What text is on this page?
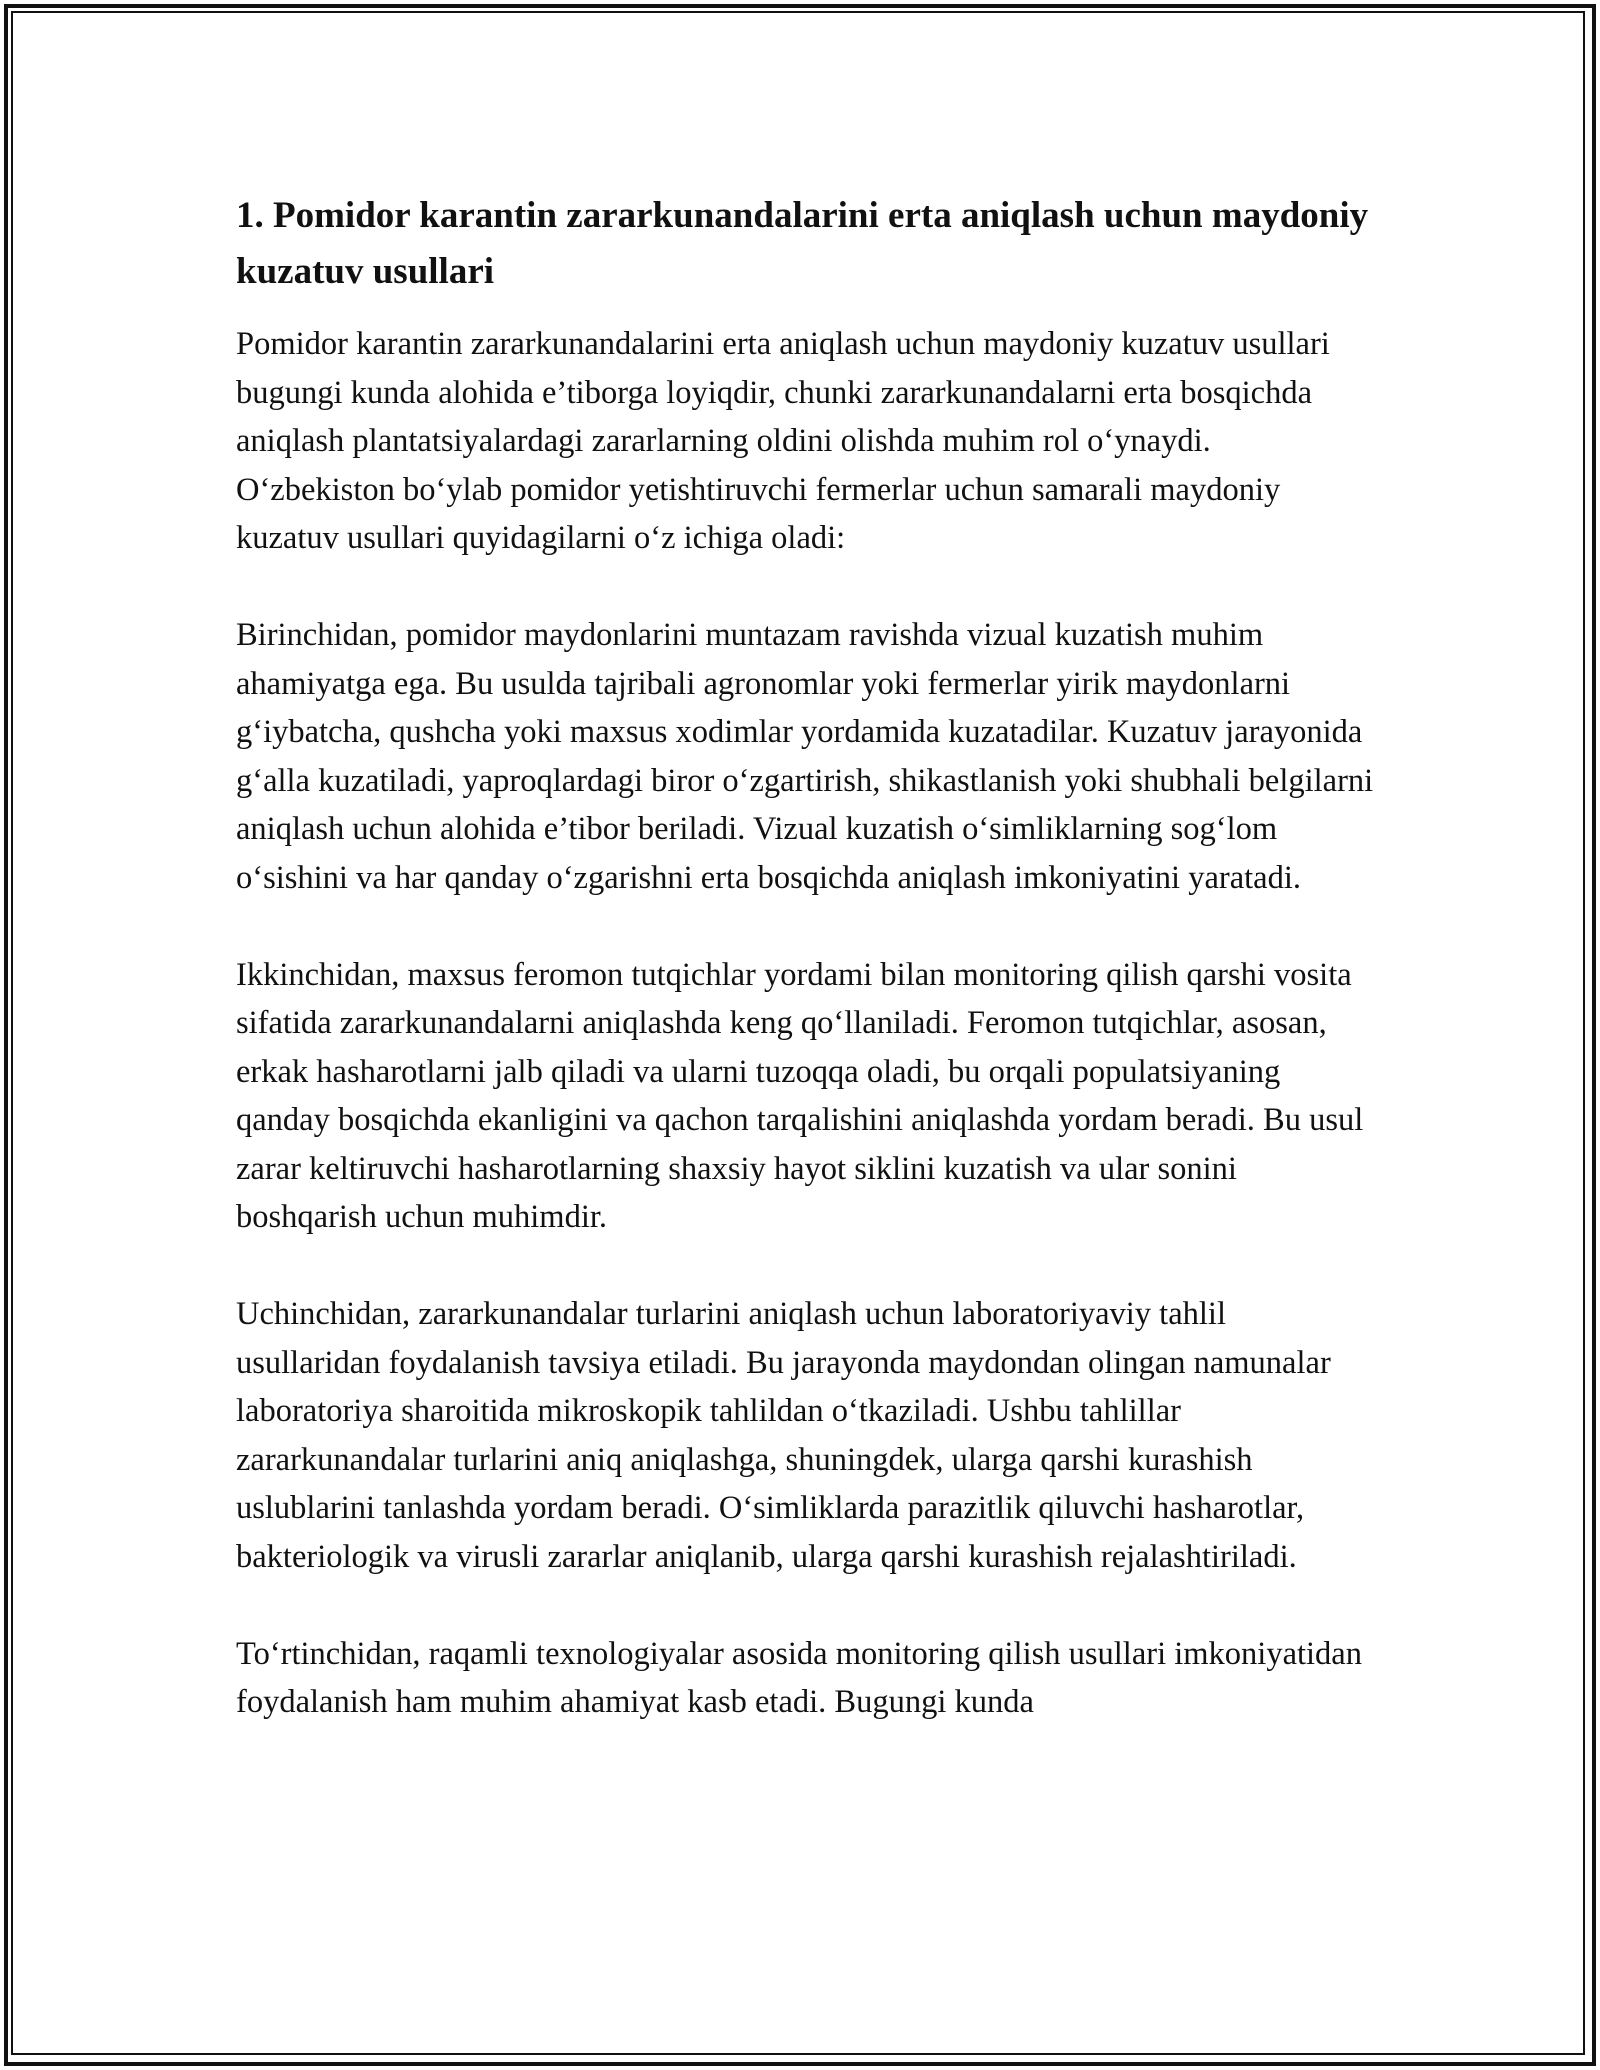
1. Pomidor karantin zararkunandalarini erta aniqlash uchun maydoniy kuzatuv usullari

Pomidor karantin zararkunandalarini erta aniqlash uchun maydoniy kuzatuv usullari bugungi kunda alohida e’tiborga loyiqdir, chunki zararkunandalarni erta bosqichda aniqlash plantatsiyalardagi zararlarning oldini olishda muhim rol o‘ynaydi. O‘zbekiston bo‘ylab pomidor yetishtiruvchi fermerlar uchun samarali maydoniy kuzatuv usullari quyidagilarni o‘z ichiga oladi:

Birinchidan, pomidor maydonlarini muntazam ravishda vizual kuzatish muhim ahamiyatga ega. Bu usulda tajribali agronomlar yoki fermerlar yirik maydonlarni g‘iybatcha, qushcha yoki maxsus xodimlar yordamida kuzatadilar. Kuzatuv jarayonida g‘alla kuzatiladi, yaproqlardagi biror o‘zgartirish, shikastlanish yoki shubhali belgilarni aniqlash uchun alohida e’tibor beriladi. Vizual kuzatish o‘simliklarning sog‘lom o‘sishini va har qanday o‘zgarishni erta bosqichda aniqlash imkoniyatini yaratadi.

Ikkinchidan, maxsus feromon tutqichlar yordami bilan monitoring qilish qarshi vosita sifatida zararkunandalarni aniqlashda keng qo‘llaniladi. Feromon tutqichlar, asosan, erkak hasharotlarni jalb qiladi va ularni tuzoqqa oladi, bu orqali populatsiyaning qanday bosqichda ekanligini va qachon tarqalishini aniqlashda yordam beradi. Bu usul zarar keltiruvchi hasharotlarning shaxsiy hayot siklini kuzatish va ular sonini boshqarish uchun muhimdir.

Uchinchidan, zararkunandalar turlarini aniqlash uchun laboratoriyaviy tahlil usullaridan foydalanish tavsiya etiladi. Bu jarayonda maydondan olingan namunalar laboratoriya sharoitida mikroskopik tahlildan o‘tkaziladi. Ushbu tahlillar zararkunandalar turlarini aniq aniqlashga, shuningdek, ularga qarshi kurashish uslublarini tanlashda yordam beradi. O‘simliklarda parazitlik qiluvchi hasharotlar, bakteriologik va virusli zararlar aniqlanib, ularga qarshi kurashish rejalashtiriladi.

To‘rtinchidan, raqamli texnologiyalar asosida monitoring qilish usullari imkoniyatidan foydalanish ham muhim ahamiyat kasb etadi. Bugungi kunda
